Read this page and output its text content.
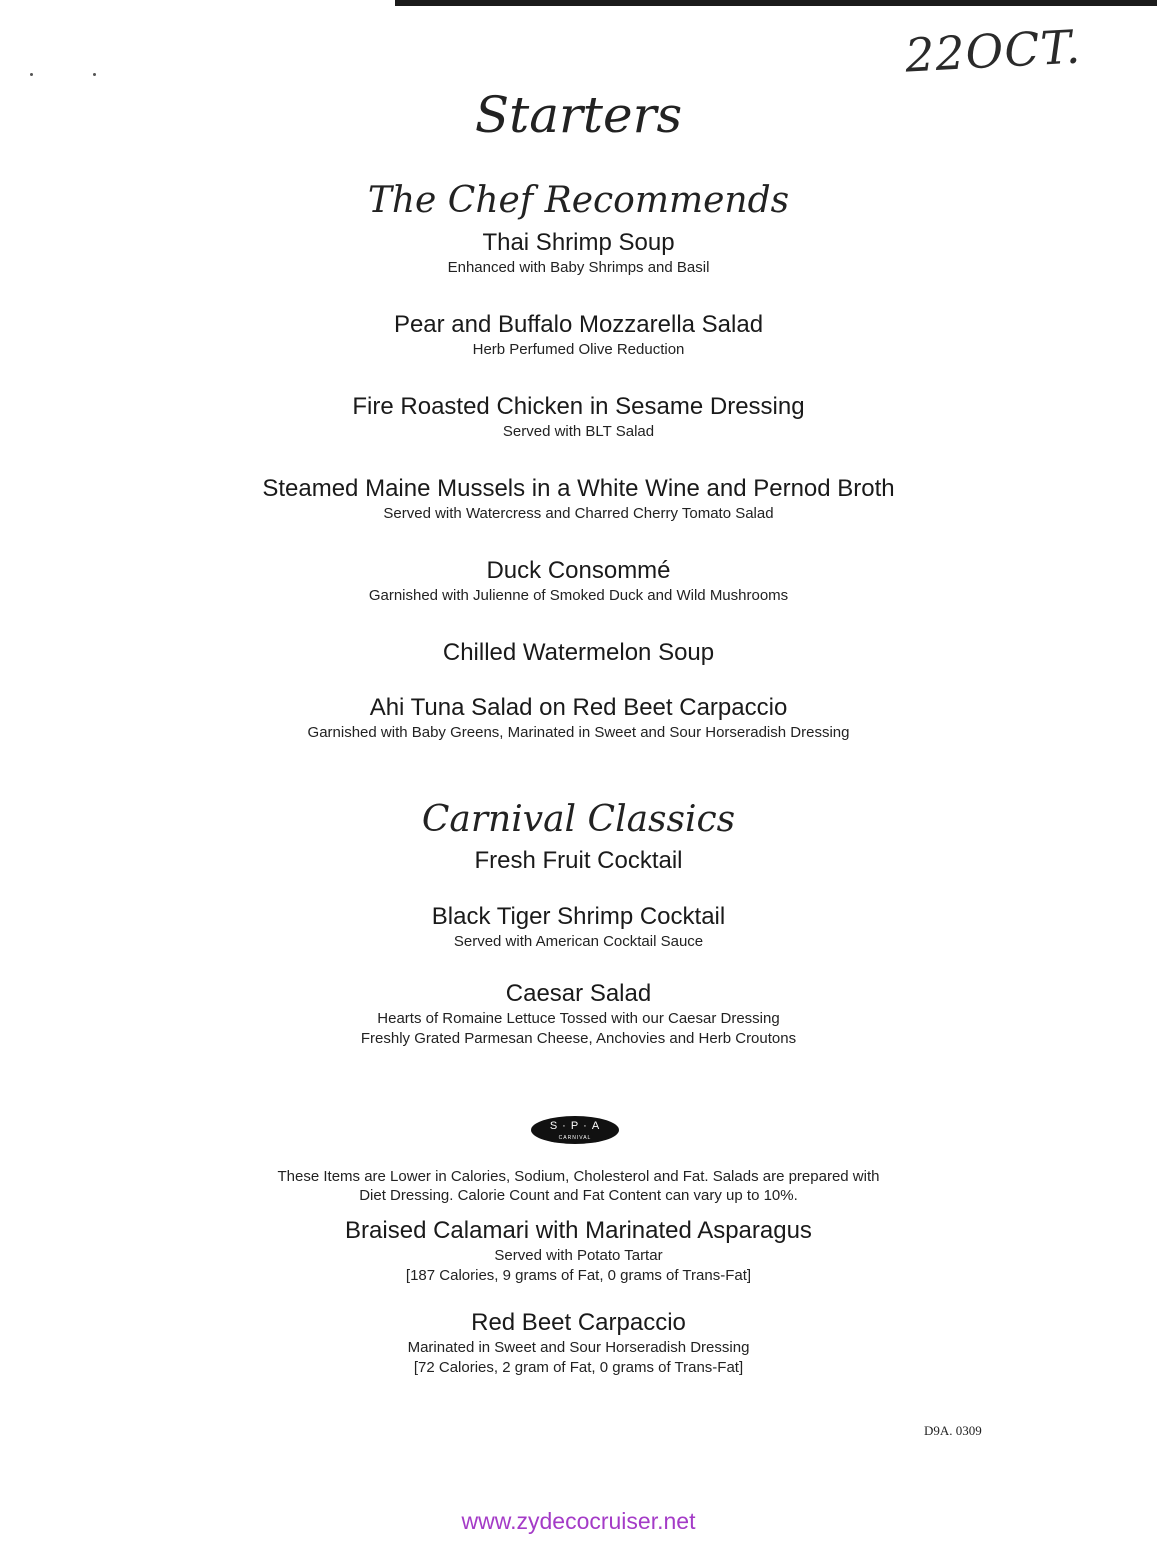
22OCT.
Starters
The Chef Recommends
Thai Shrimp Soup
Enhanced with Baby Shrimps and Basil
Pear and Buffalo Mozzarella Salad
Herb Perfumed Olive Reduction
Fire Roasted Chicken in Sesame Dressing
Served with BLT Salad
Steamed Maine Mussels in a White Wine and Pernod Broth
Served with Watercress and Charred Cherry Tomato Salad
Duck Consommé
Garnished with Julienne of Smoked Duck and Wild Mushrooms
Chilled Watermelon Soup
Ahi Tuna Salad on Red Beet Carpaccio
Garnished with Baby Greens, Marinated in Sweet and Sour Horseradish Dressing
Carnival Classics
Fresh Fruit Cocktail
Black Tiger Shrimp Cocktail
Served with American Cocktail Sauce
Caesar Salad
Hearts of Romaine Lettuce Tossed with our Caesar Dressing
Freshly Grated Parmesan Cheese, Anchovies and Herb Croutons
S·P·A
CARNIVAL
These Items are Lower in Calories, Sodium, Cholesterol and Fat. Salads are prepared with
Diet Dressing. Calorie Count and Fat Content can vary up to 10%.
Braised Calamari with Marinated Asparagus
Served with Potato Tartar
[187 Calories, 9 grams of Fat, 0 grams of Trans-Fat]
Red Beet Carpaccio
Marinated in Sweet and Sour Horseradish Dressing
[72 Calories, 2 gram of Fat, 0 grams of Trans-Fat]
D9A. 0309
www.zydecocruiser.net
